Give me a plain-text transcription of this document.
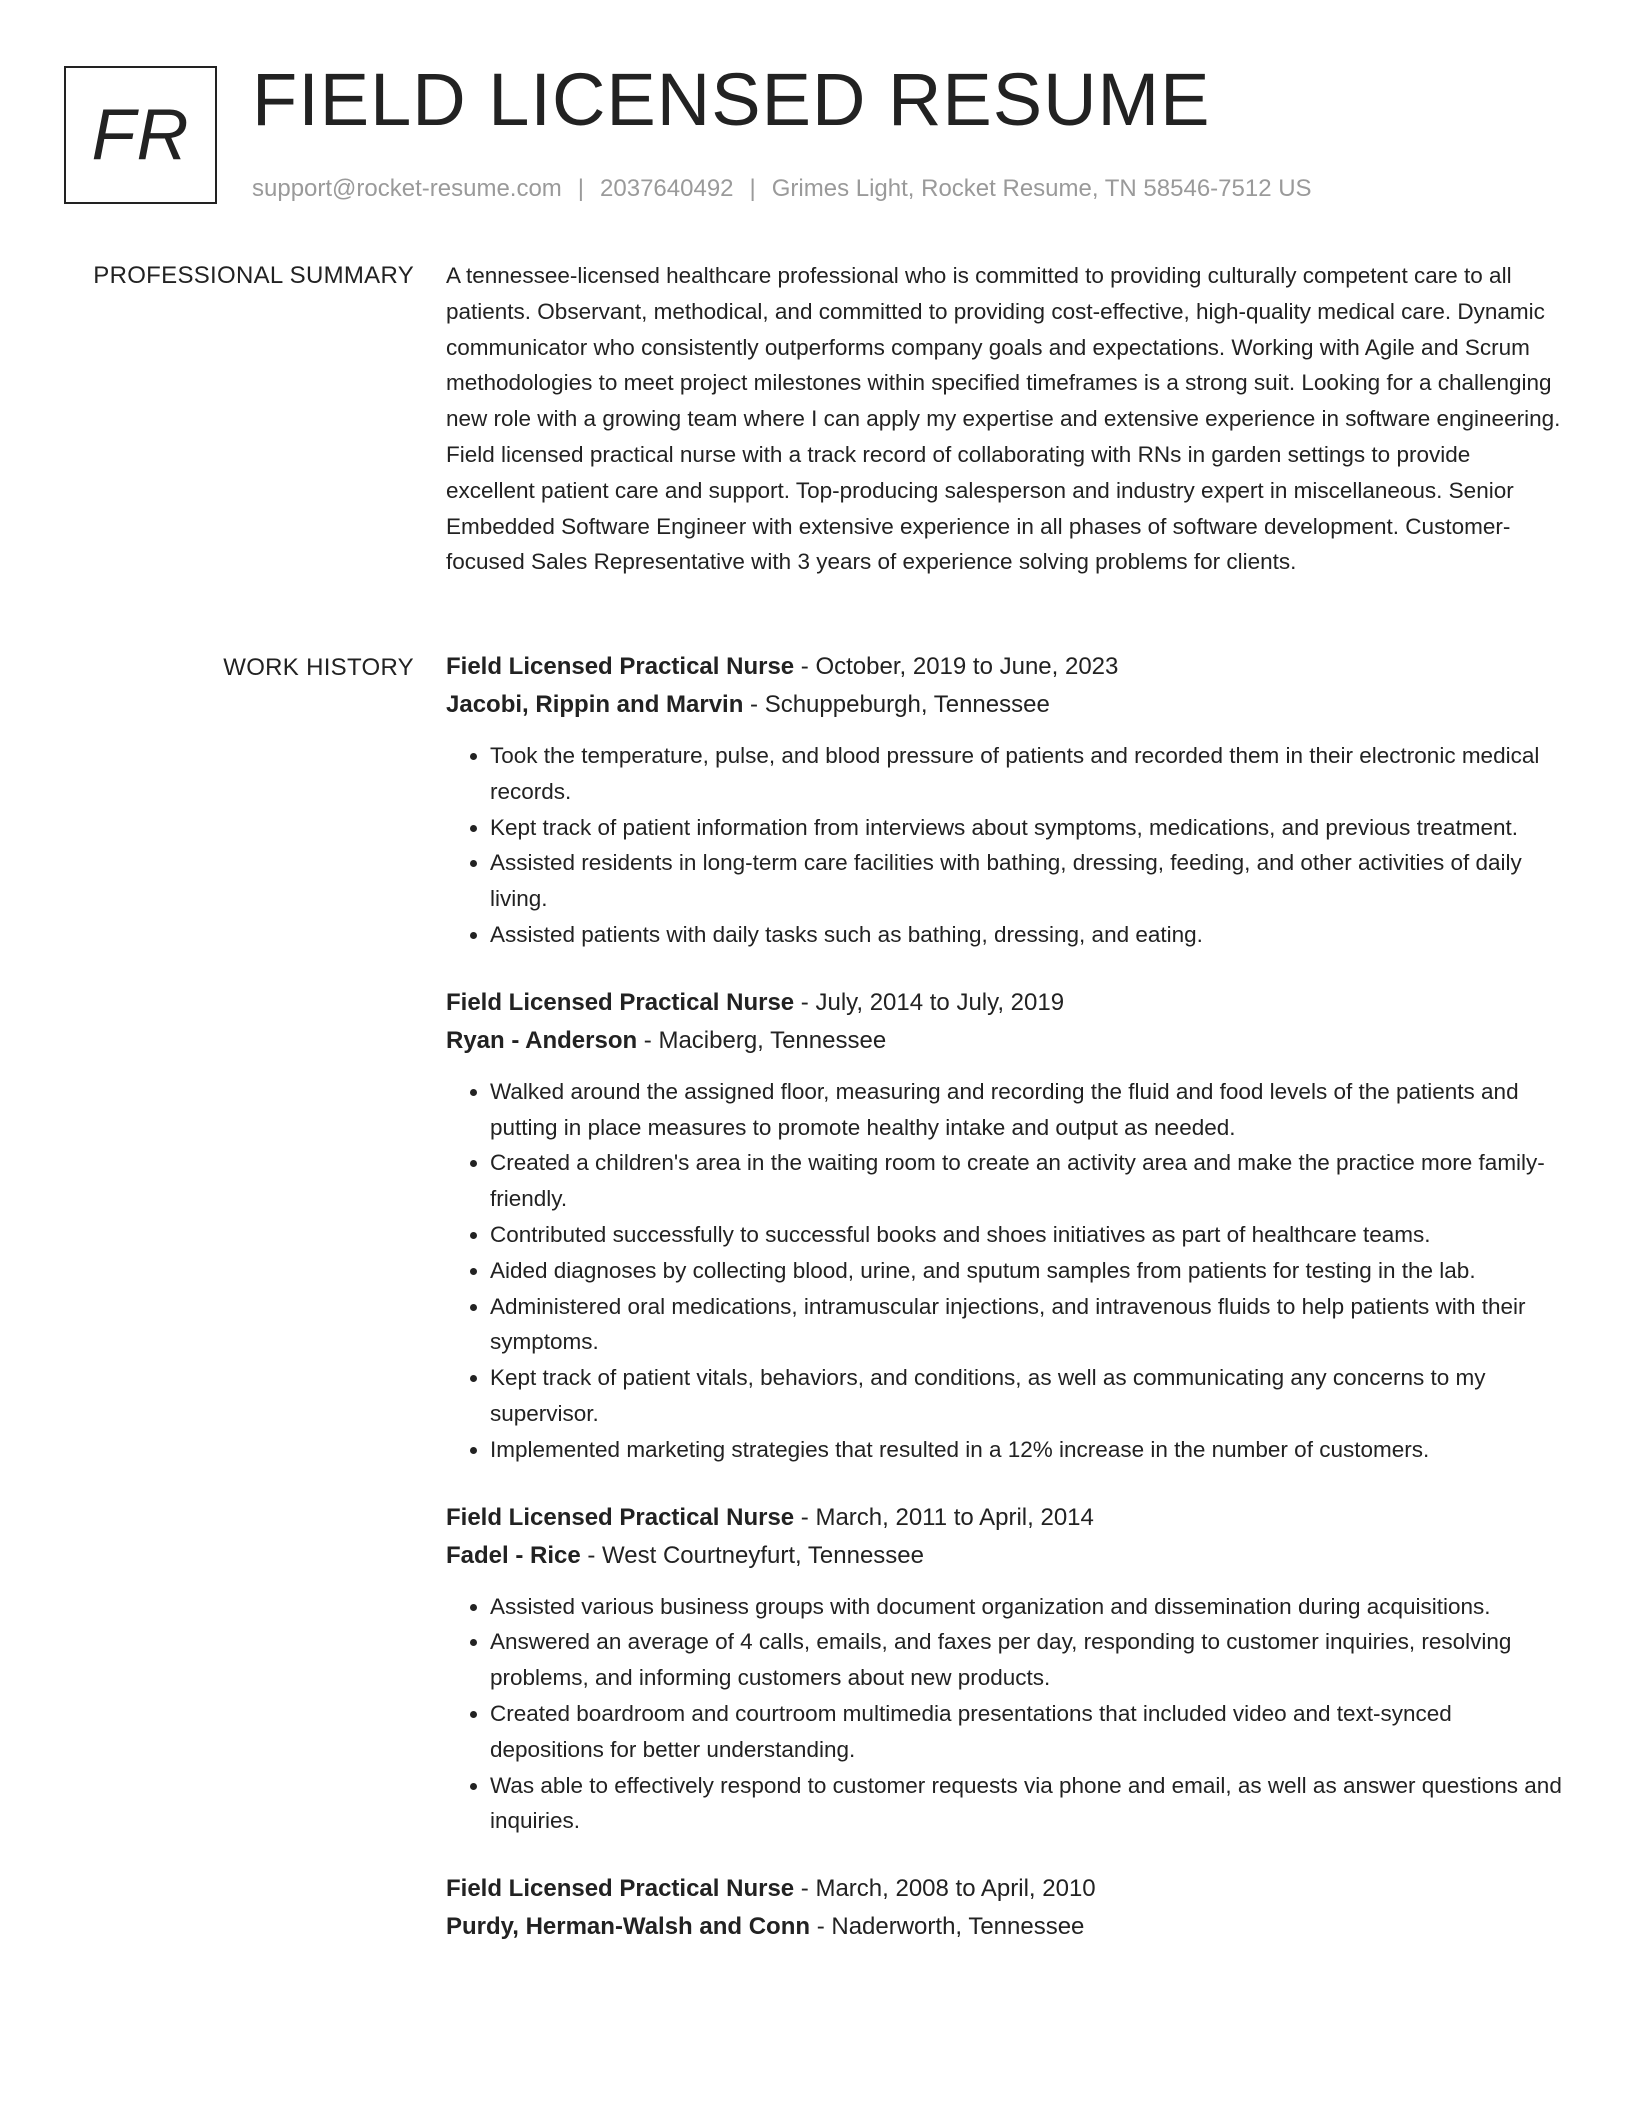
FR FIELD LICENSED RESUME
support@rocket-resume.com | 2037640492 | Grimes Light, Rocket Resume, TN 58546-7512 US
PROFESSIONAL SUMMARY A tennessee-licensed healthcare professional who is committed to providing culturally competent care to all patients. Observant, methodical, and committed to providing cost-effective, high-quality medical care. Dynamic communicator who consistently outperforms company goals and expectations. Working with Agile and Scrum methodologies to meet project milestones within specified timeframes is a strong suit. Looking for a challenging new role with a growing team where I can apply my expertise and extensive experience in software engineering. Field licensed practical nurse with a track record of collaborating with RNs in garden settings to provide excellent patient care and support. Top-producing salesperson and industry expert in miscellaneous. Senior Embedded Software Engineer with extensive experience in all phases of software development. Customer-focused Sales Representative with 3 years of experience solving problems for clients.

WORK HISTORY Field Licensed Practical Nurse - October, 2019 to June, 2023

Jacobi, Rippin and Marvin - Schuppeburgh, Tennessee

• Took the temperature, pulse, and blood pressure of patients and recorded them in their electronic medical records.
• Kept track of patient information from interviews about symptoms, medications, and previous treatment.
• Assisted residents in long-term care facilities with bathing, dressing, feeding, and other activities of daily living.
• Assisted patients with daily tasks such as bathing, dressing, and eating.

Field Licensed Practical Nurse - July, 2014 to July, 2019

Ryan - Anderson - Maciberg, Tennessee

• Walked around the assigned floor, measuring and recording the fluid and food levels of the patients and putting in place measures to promote healthy intake and output as needed.
• Created a children's area in the waiting room to create an activity area and make the practice more family-friendly.
• Contributed successfully to successful books and shoes initiatives as part of healthcare teams.
• Aided diagnoses by collecting blood, urine, and sputum samples from patients for testing in the lab.
• Administered oral medications, intramuscular injections, and intravenous fluids to help patients with their symptoms.
• Kept track of patient vitals, behaviors, and conditions, as well as communicating any concerns to my supervisor.
• Implemented marketing strategies that resulted in a 12% increase in the number of customers.

Field Licensed Practical Nurse - March, 2011 to April, 2014

Fadel - Rice - West Courtneyfurt, Tennessee

• Assisted various business groups with document organization and dissemination during acquisitions.
• Answered an average of 4 calls, emails, and faxes per day, responding to customer inquiries, resolving problems, and informing customers about new products.
• Created boardroom and courtroom multimedia presentations that included video and text-synced depositions for better understanding.
• Was able to effectively respond to customer requests via phone and email, as well as answer questions and inquiries.

Field Licensed Practical Nurse - March, 2008 to April, 2010

Purdy, Herman-Walsh and Conn - Naderworth, Tennessee
